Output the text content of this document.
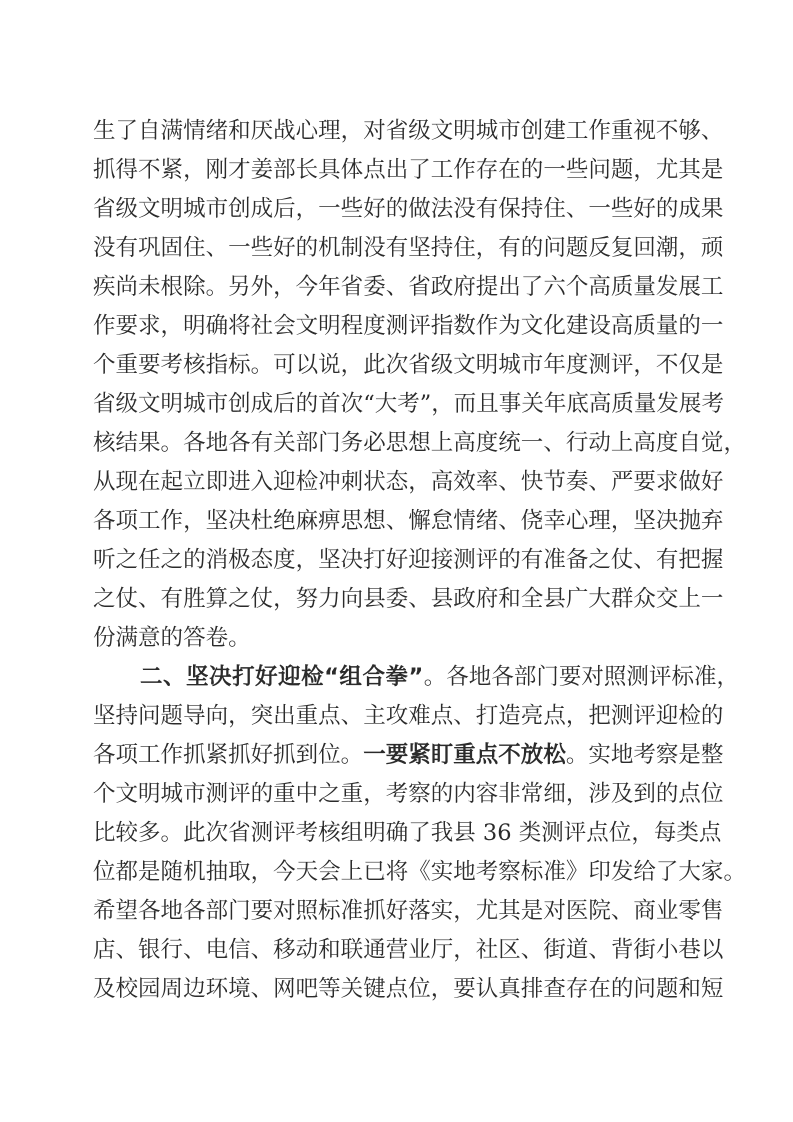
生 了 自 满 情 绪 和 厌 战 心 理 ， 对 省 级 文 明 城 市 创 建 工 作 重 视 不 够 、
抓 得 不 紧 ， 刚 才 姜 部 长 具 体 点 出 了 工 作 存 在 的 一 些 问 题 ， 尤 其 是
省 级 文 明 城 市 创 成 后 ， 一 些 好 的 做 法 没 有 保 持 住 、 一 些 好 的 成 果
没 有 巩 固 住 、 一 些 好 的 机 制 没 有 坚 持 住 ， 有 的 问 题 反 复 回 潮 ， 顽
疾 尚 未 根 除 。 另 外 ， 今 年 省 委 、 省 政 府 提 出 了 六 个 高 质 量 发 展 工
作 要 求 ， 明 确 将 社 会 文 明 程 度 测 评 指 数 作 为 文 化 建 设 高 质 量 的 一
个 重 要 考 核 指 标 。 可 以 说 ， 此 次 省 级 文 明 城 市 年 度 测 评 ， 不 仅 是
省 级 文 明 城 市 创 成 后 的 首 次 “ 大 考 ” ， 而 且 事 关 年 底 高 质 量 发 展 考
核 结 果 。 各 地 各 有 关 部 门 务 必 思 想 上 高 度 统 一 、 行 动 上 高 度 自 觉 ，
从 现 在 起 立 即 进 入 迎 检 冲 刺 状 态 ， 高 效 率 、 快 节 奏 、 严 要 求 做 好
各 项 工 作 ， 坚 决 杜 绝 麻 痹 思 想 、 懈 怠 情 绪 、 侥 幸 心 理 ， 坚 决 抛 弃
听 之 任 之 的 消 极 态 度 ， 坚 决 打 好 迎 接 测 评 的 有 准 备 之 仗 、 有 把 握
之 仗 、 有 胜 算 之 仗 ， 努 力 向 县 委 、 县 政 府 和 全 县 广 大 群 众 交 上 一
份 满 意 的 答 卷 。

二 、 坚 决 打 好 迎 检 “ 组 合 拳 ” 。 各 地 各 部 门 要 对 照 测 评 标 准 ，
坚 持 问 题 导 向 ， 突 出 重 点 、 主 攻 难 点 、 打 造 亮 点 ， 把 测 评 迎 检 的
各 项 工 作 抓 紧 抓 好 抓 到 位 。 一 要 紧 盯 重 点 不 放 松 。 实 地 考 察 是 整
个 文 明 城 市 测 评 的 重 中 之 重 ， 考 察 的 内 容 非 常 细 ， 涉 及 到 的 点 位
比 较 多 。 此 次 省 测 评 考 核 组 明 确 了 我 县
3 6
类 测 评 点 位 ， 每 类 点
位 都 是 随 机 抽 取 ， 今 天 会 上 已 将 《 实 地 考 察 标 准 》 印 发 给 了 大 家 。
希 望 各 地 各 部 门 要 对 照 标 准 抓 好 落 实 ， 尤 其 是 对 医 院 、 商 业 零 售
店 、 银 行 、 电 信 、 移 动 和 联 通 营 业 厅 ， 社 区 、 街 道 、 背 街 小 巷 以
及 校 园 周 边 环 境 、 网 吧 等 关 键 点 位 ， 要 认 真 排 查 存 在 的 问 题 和 短
